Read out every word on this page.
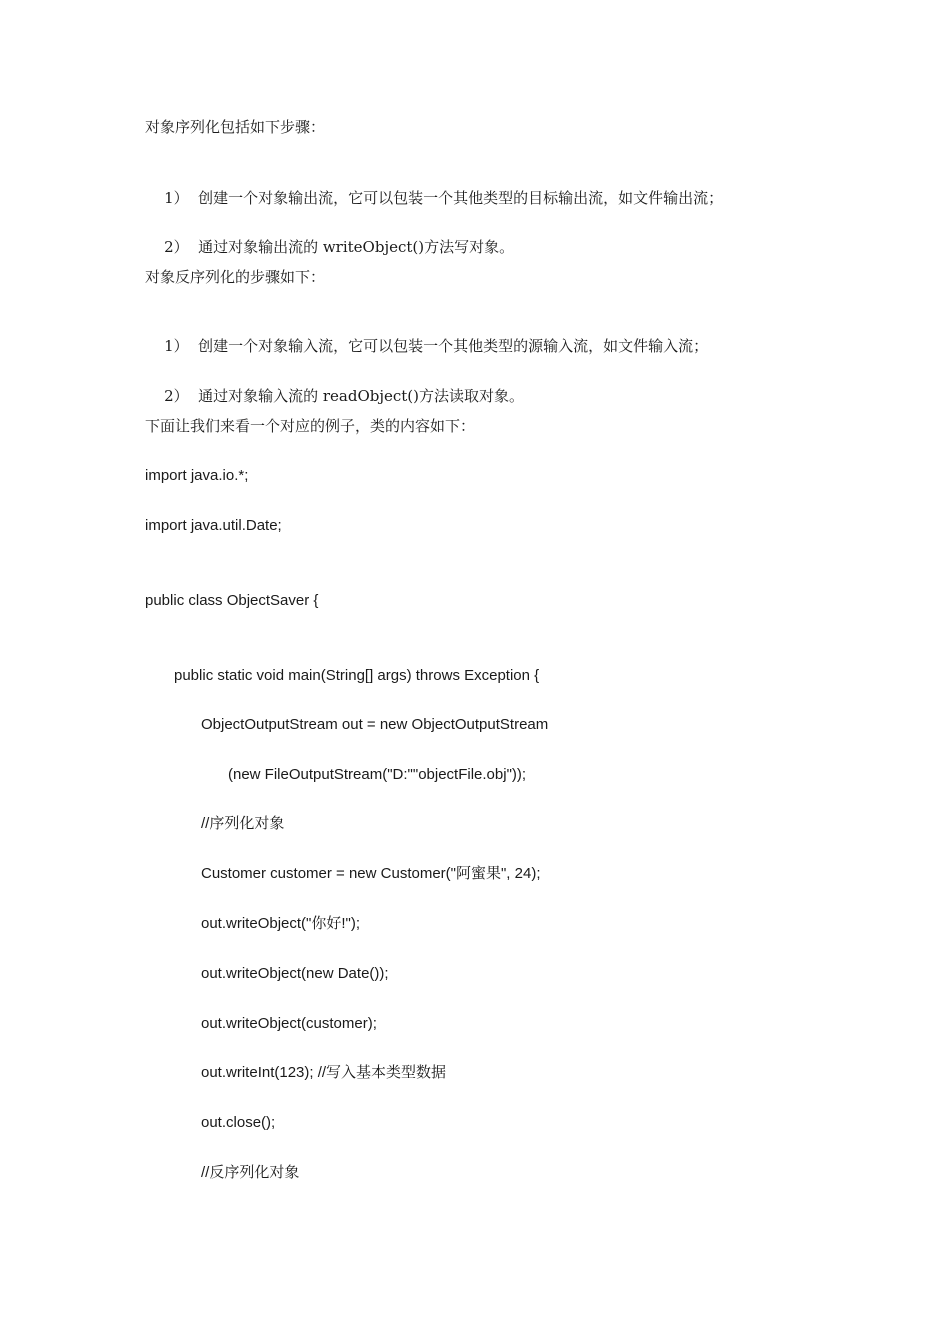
对象序列化包括如下步骤：

1） 创建一个对象输出流，它可以包装一个其他类型的目标输出流，如文件输出流；

2） 通过对象输出流的 writeObject()方法写对象。

对象反序列化的步骤如下：

1） 创建一个对象输入流，它可以包装一个其他类型的源输入流，如文件输入流；

2） 通过对象输入流的 readObject()方法读取对象。

下面让我们来看一个对应的例子，类的内容如下：
import java.io.*;
import java.util.Date;
public class ObjectSaver {
public static void main(String[] args) throws Exception {
ObjectOutputStream out = new ObjectOutputStream
(new FileOutputStream("D:""objectFile.obj"));
//序列化对象
Customer customer = new Customer("阿蜜果", 24);
out.writeObject("你好!");
out.writeObject(new Date());
out.writeObject(customer);
out.writeInt(123); //写入基本类型数据
out.close();
//反序列化对象
